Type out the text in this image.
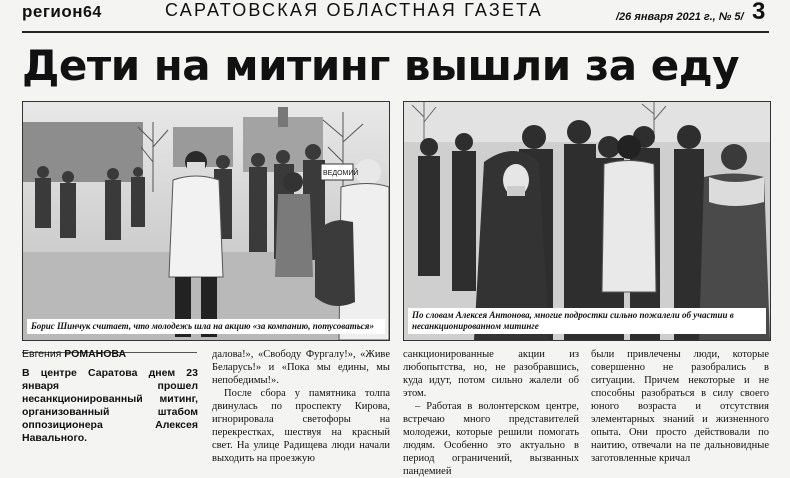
регион64	САРАТОВСКАЯ ОБЛАСТНАЯ ГАЗЕТА	/26 января 2021 г., № 5/ 3
Дети на митинг вышли за еду
ВЕДОМИЙ
Борис Шинчук считает, что молодежь шла на акцию «за компанию, потусоваться»
По словам Алексея Антонова, многие подростки сильно пожалели об участии в несанкционированном митинге

Евгения РОМАНОВА

В центре Саратова днем 23 января прошел несанкционированный митинг, организованный штабом оппозиционера Алексея Навального.

далова!», «Свободу Фургалу!», «Живе Беларусь!» и «Пока мы едины, мы непобедимы!».

После сбора у памятника толпа двинулась по проспекту Кирова, игнорировала светофоры на перекрестках, шествуя на красный свет. На улице Радищева люди начали выходить на проезжую

санкционированные акции из любопытства, но, не разобравшись, куда идут, потом сильно жалели об этом.

– Работая в волонтерском центре, встречаю много представителей молодежи, которые решили помогать людям. Особенно это актуально в период ограничений, вызванных пандемией

были привлечены люди, которые совершенно не разобрались в ситуации. Причем некоторые и не способны разобраться в силу своего юного возраста и отсутствия элементарных знаний и жизненного опыта. Они просто действовали по наитию, отвечали на пе дальновидные заготовленные кричал
